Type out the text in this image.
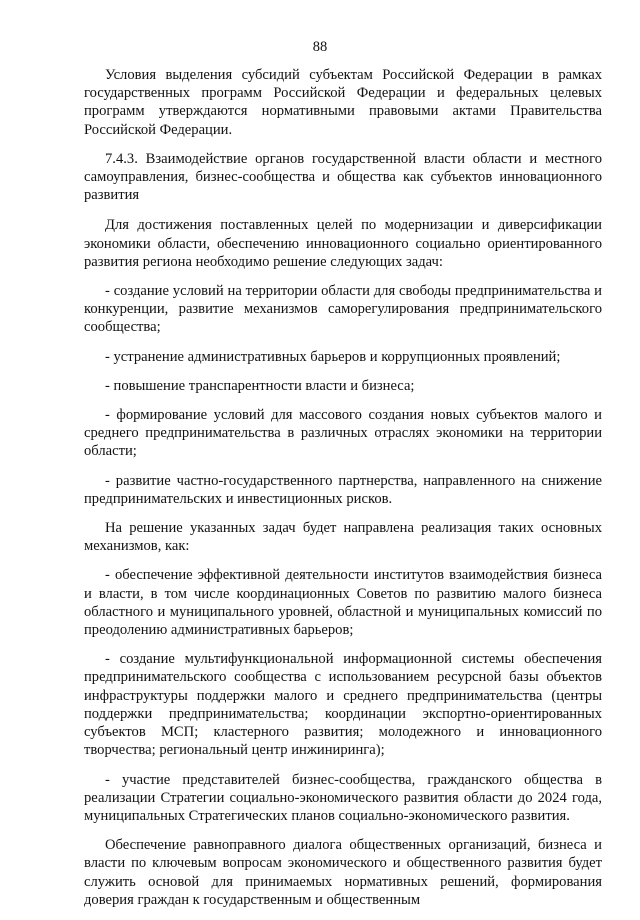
88

Условия выделения субсидий субъектам Российской Федерации в рамках государственных программ Российской Федерации и федеральных целевых программ утверждаются нормативными правовыми актами Правительства Российской Федерации.

7.4.3. Взаимодействие органов государственной власти области и местного самоуправления, бизнес-сообщества и общества как субъектов инновационного развития

Для достижения поставленных целей по модернизации и диверсификации экономики области, обеспечению инновационного социально ориентированного развития региона необходимо решение следующих задач:

- создание условий на территории области для свободы предпринимательства и конкуренции, развитие механизмов саморегулирования предпринимательского сообщества;

- устранение административных барьеров и коррупционных проявлений;

- повышение транспарентности власти и бизнеса;

- формирование условий для массового создания новых субъектов малого и среднего предпринимательства в различных отраслях экономики на территории области;

- развитие частно-государственного партнерства, направленного на снижение предпринимательских и инвестиционных рисков.

На решение указанных задач будет направлена реализация таких основных механизмов, как:

- обеспечение эффективной деятельности институтов взаимодействия бизнеса и власти, в том числе координационных Советов по развитию малого бизнеса областного и муниципального уровней, областной и муниципальных комиссий по преодолению административных барьеров;

- создание мультифункциональной информационной системы обеспечения предпринимательского сообщества с использованием ресурсной базы объектов инфраструктуры поддержки малого и среднего предпринимательства (центры поддержки предпринимательства; координации экспортно-ориентированных субъектов МСП; кластерного развития; молодежного и инновационного творчества; региональный центр инжиниринга);

- участие представителей бизнес-сообщества, гражданского общества в реализации Стратегии социально-экономического развития области до 2024 года, муниципальных Стратегических планов социально-экономического развития.

Обеспечение равноправного диалога общественных организаций, бизнеса и власти по ключевым вопросам экономического и общественного развития будет служить основой для принимаемых нормативных решений, формирования доверия граждан к государственным и общественным
